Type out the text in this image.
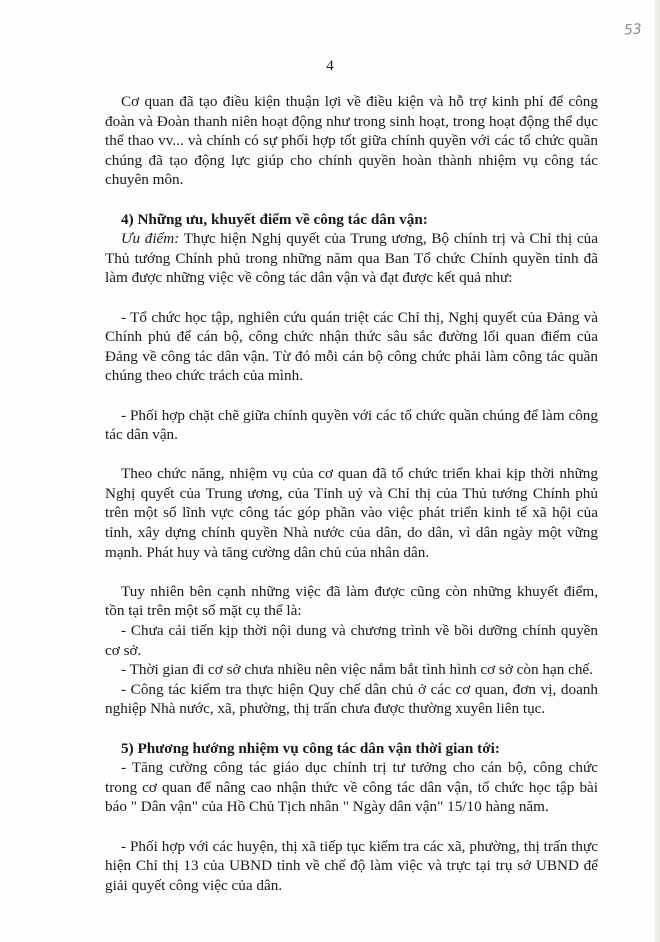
53
4

Cơ quan đã tạo điều kiện thuận lợi về điều kiện và hỗ trợ kinh phí để công đoàn và Đoàn thanh niên hoạt động như trong sinh hoạt, trong hoạt động thể dục thể thao vv... và chính có sự phối hợp tốt giữa chính quyền với các tổ chức quần chúng đã tạo động lực giúp cho chính quyền hoàn thành nhiệm vụ công tác chuyên môn.

4) Những ưu, khuyết điểm về công tác dân vận:

Ưu điểm: Thực hiện Nghị quyết của Trung ương, Bộ chính trị và Chỉ thị của Thủ tướng Chính phủ trong những năm qua Ban Tổ chức Chính quyền tỉnh đã làm được những việc về công tác dân vận và đạt được kết quả như:

- Tổ chức học tập, nghiên cứu quán triệt các Chỉ thị, Nghị quyết của Đảng và Chính phủ để cán bộ, công chức nhận thức sâu sắc đường lối quan điểm của Đảng về công tác dân vận. Từ đó mỗi cán bộ công chức phải làm công tác quần chúng theo chức trách của mình.

- Phối hợp chặt chẽ giữa chính quyền với các tổ chức quần chúng để làm công tác dân vận.

Theo chức năng, nhiệm vụ của cơ quan đã tổ chức triển khai kịp thời những Nghị quyết của Trung ương, của Tỉnh uỷ và Chỉ thị của Thủ tướng Chính phủ trên một số lĩnh vực công tác góp phần vào việc phát triển kinh tế xã hội của tỉnh, xây dựng chính quyền Nhà nước của dân, do dân, vì dân ngày một vững mạnh. Phát huy và tăng cường dân chủ của nhân dân.

Tuy nhiên bên cạnh những việc đã làm được cũng còn những khuyết điểm, tồn tại trên một số mặt cụ thể là:

- Chưa cải tiến kịp thời nội dung và chương trình về bồi dưỡng chính quyền cơ sở.

- Thời gian đi cơ sở chưa nhiều nên việc nắm bắt tình hình cơ sở còn hạn chế.

- Công tác kiểm tra thực hiện Quy chế dân chủ ở các cơ quan, đơn vị, doanh nghiệp Nhà nước, xã, phường, thị trấn chưa được thường xuyên liên tục.

5) Phương hướng nhiệm vụ công tác dân vận thời gian tới:

- Tăng cường công tác giáo dục chính trị tư tưởng cho cán bộ, công chức trong cơ quan để nâng cao nhận thức về công tác dân vận, tổ chức học tập bài báo " Dân vận" của Hồ Chủ Tịch nhân " Ngày dân vận" 15/10 hàng năm.

- Phối hợp với các huyện, thị xã tiếp tục kiểm tra các xã, phường, thị trấn thực hiện Chỉ thị 13 của UBND tỉnh về chế độ làm việc và trực tại trụ sở UBND để giải quyết công việc của dân.
